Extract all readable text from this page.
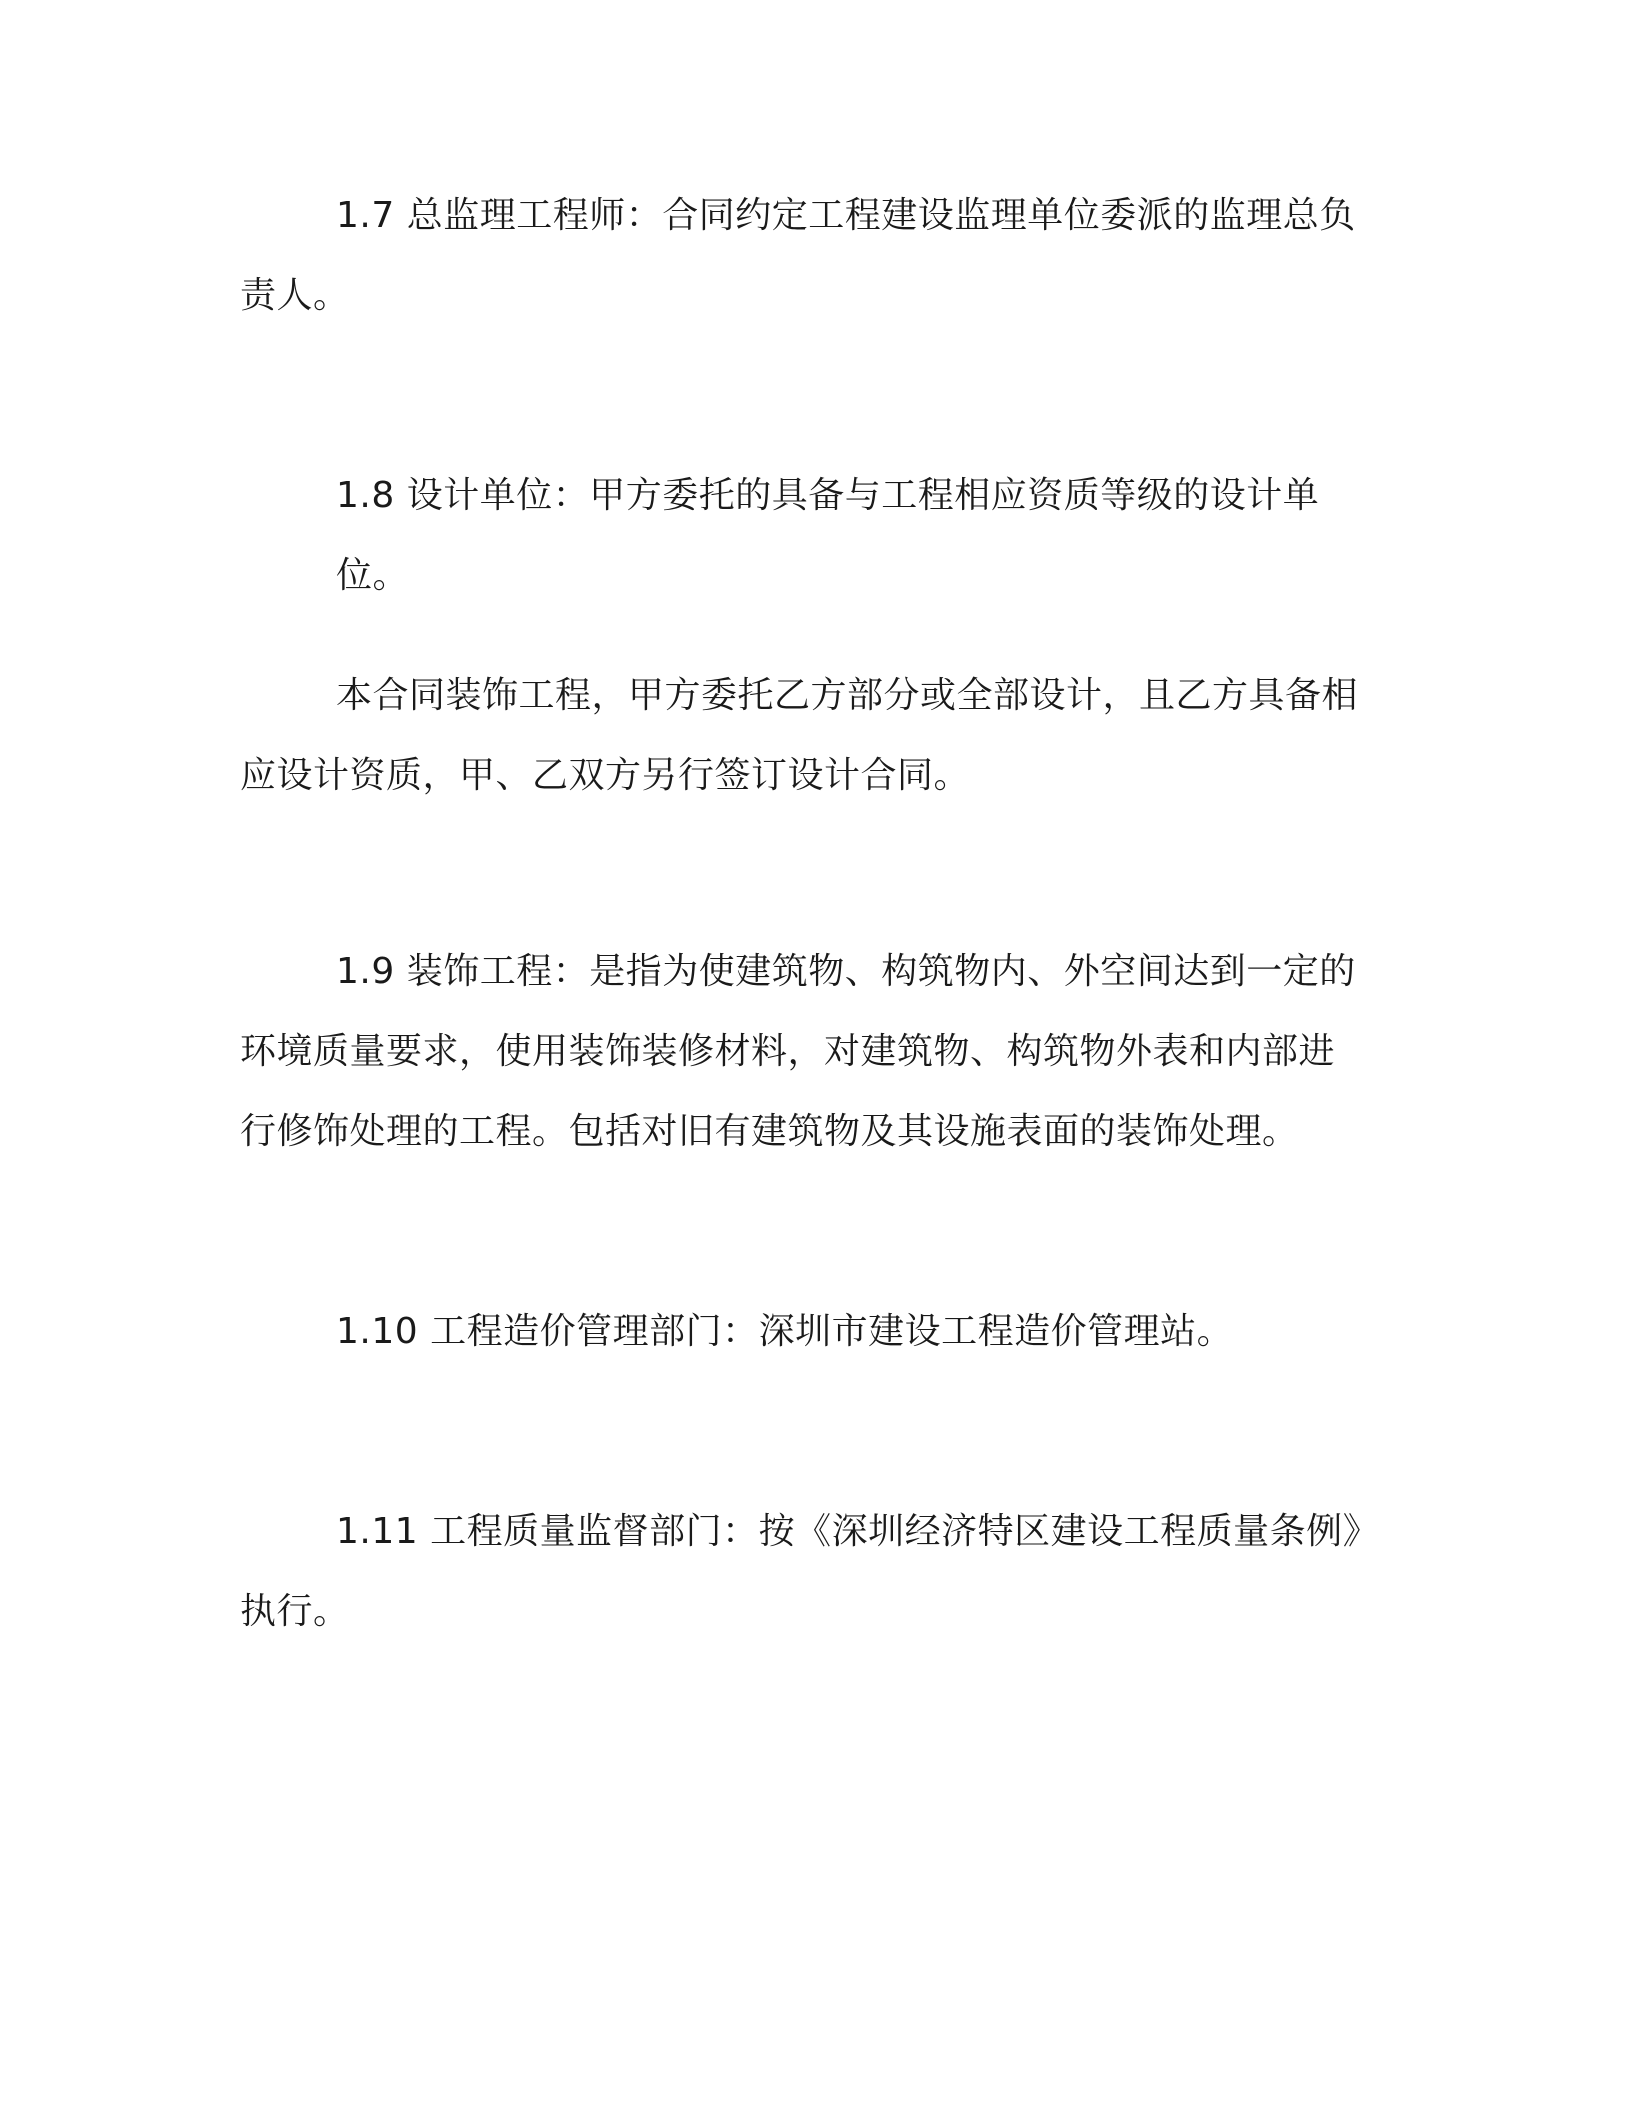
1.7 总监理工程师：合同约定工程建设监理单位委派的监理总负
责人。
1.8 设计单位：甲方委托的具备与工程相应资质等级的设计单位。
本合同装饰工程，甲方委托乙方部分或全部设计，且乙方具备相
应设计资质，甲、乙双方另行签订设计合同。
1.9 装饰工程：是指为使建筑物、构筑物内、外空间达到一定的
环境质量要求，使用装饰装修材料，对建筑物、构筑物外表和内部进
行修饰处理的工程。包括对旧有建筑物及其设施表面的装饰处理。
1.10 工程造价管理部门：深圳市建设工程造价管理站。
1.11 工程质量监督部门：按《深圳经济特区建设工程质量条例》
执行。
